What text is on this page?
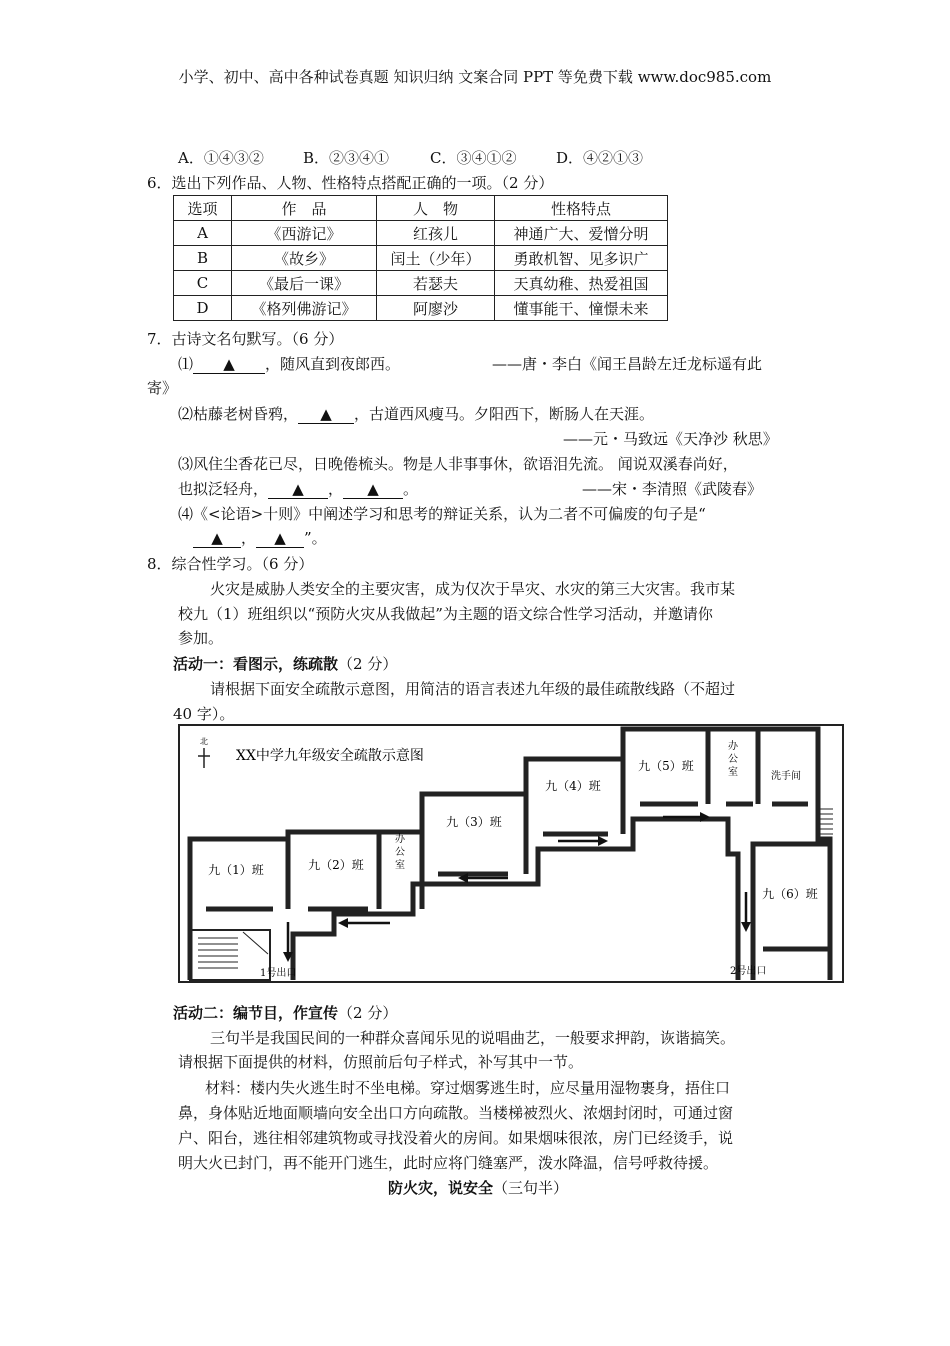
小学、初中、高中各种试卷真题 知识归纳 文案合同 PPT 等免费下载 www.doc985.com
A．①④③②	B．②③④①	C．③④①②	D．④②①③
6．选出下列作品、人物、性格特点搭配正确的一项。（2 分）
选项	作　品	人　物	性格特点
A	《西游记》	红孩儿	神通广大、爱憎分明
B	《故乡》	闰土（少年）	勇敢机智、见多识广
C	《最后一课》	若瑟夫	天真幼稚、热爱祖国
D	《格列佛游记》	阿廖沙	懂事能干、憧憬未来
7．古诗文名句默写。（6 分）
⑴ ▲ ，随风直到夜郎西。	——唐・李白《闻王昌龄左迁龙标遥有此
寄》
⑵枯藤老树昏鸦， ▲ ，古道西风瘦马。夕阳西下，断肠人在天涯。
——元・马致远《天净沙 秋思》
⑶风住尘香花已尽，日晚倦梳头。物是人非事事休，欲语泪先流。 闻说双溪春尚好，
也拟泛轻舟， ▲ ， ▲ 。	——宋・李清照《武陵春》
⑷《<论语>十则》中阐述学习和思考的辩证关系，认为二者不可偏废的句子是“
▲ ， ▲ ”。
8．综合性学习。（6 分）
火灾是威胁人类安全的主要灾害，成为仅次于旱灾、水灾的第三大灾害。我市某
校九（1）班组织以“预防火灾从我做起”为主题的语文综合性学习活动，并邀请你
参加。
活动一：看图示，练疏散（2 分）
请根据下面安全疏散示意图，用简洁的语言表述九年级的最佳疏散线路（不超过
40 字）。
北
XX中学九年级安全疏散示意图
九（1）班	九（2）班
办
公
室
九（3）班
九（4）班
九（5）班
办
公
室	洗手间
九（6）班
1号出口	2号出口
活动二：编节目，作宣传（2 分）
三句半是我国民间的一种群众喜闻乐见的说唱曲艺，一般要求押韵，诙谐搞笑。
请根据下面提供的材料，仿照前后句子样式，补写其中一节。
材料：楼内失火逃生时不坐电梯。穿过烟雾逃生时，应尽量用湿物裹身，捂住口
鼻，身体贴近地面顺墙向安全出口方向疏散。当楼梯被烈火、浓烟封闭时，可通过窗
户、阳台，逃往相邻建筑物或寻找没着火的房间。如果烟味很浓，房门已经烫手，说
明大火已封门，再不能开门逃生，此时应将门缝塞严，泼水降温，信号呼救待援。
防火灾，说安全（三句半）
